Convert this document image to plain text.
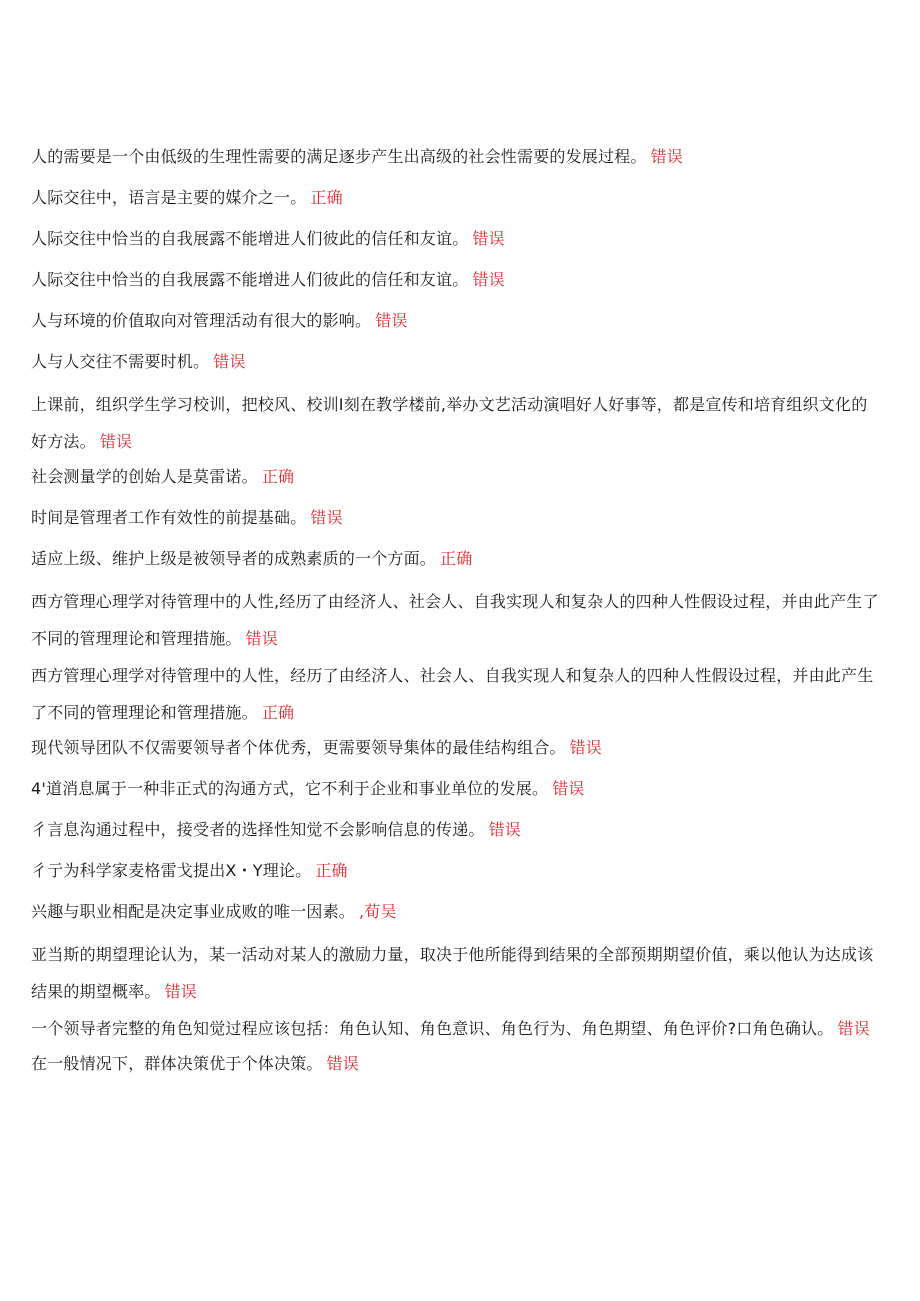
人的需要是一个由低级的生理性需要的满足逐步产生出高级的社会性需要的发展过程。 错误

人际交往中，语言是主要的媒介之一。 正确

人际交往中恰当的自我展露不能增进人们彼此的信任和友谊。 错误

人际交往中恰当的自我展露不能增进人们彼此的信任和友谊。 错误

人与环境的价值取向对管理活动有很大的影响。 错误

人与人交往不需要时机。 错误

上课前，组织学生学习校训，把校风、校训I刻在教学楼前,举办文艺活动演唱好人好事等，都是宣传和培育组织文化的好方法。 错误

社会测量学的创始人是莫雷诺。 正确

时间是管理者工作有效性的前提基础。 错误

适应上级、维护上级是被领导者的成熟素质的一个方面。 正确

西方管理心理学对待管理中的人性,经历了由经济人、社会人、自我实现人和复杂人的四种人性假设过程，并由此产生了不同的管理理论和管理措施。 错误

西方管理心理学对待管理中的人性，经历了由经济人、社会人、自我实现人和复杂人的四种人性假设过程，并由此产生了不同的管理理论和管理措施。 正确

现代领导团队不仅需要领导者个体优秀，更需要领导集体的最佳结构组合。 错误

4'道消息属于一种非正式的沟通方式，它不利于企业和事业单位的发展。 错误

彳言息沟通过程中，接受者的选择性知觉不会影响信息的传递。 错误

彳亍为科学家麦格雷戈提出X・Y理论。 正确

兴趣与职业相配是决定事业成败的唯一因素。 ,荀吴

亚当斯的期望理论认为，某一活动对某人的激励力量，取决于他所能得到结果的全部预期期望价值，乘以他认为达成该结果的期望概率。 错误

一个领导者完整的角色知觉过程应该包括：角色认知、角色意识、角色行为、角色期望、角色评价?口角色确认。 错误

在一般情况下，群体决策优于个体决策。 错误
